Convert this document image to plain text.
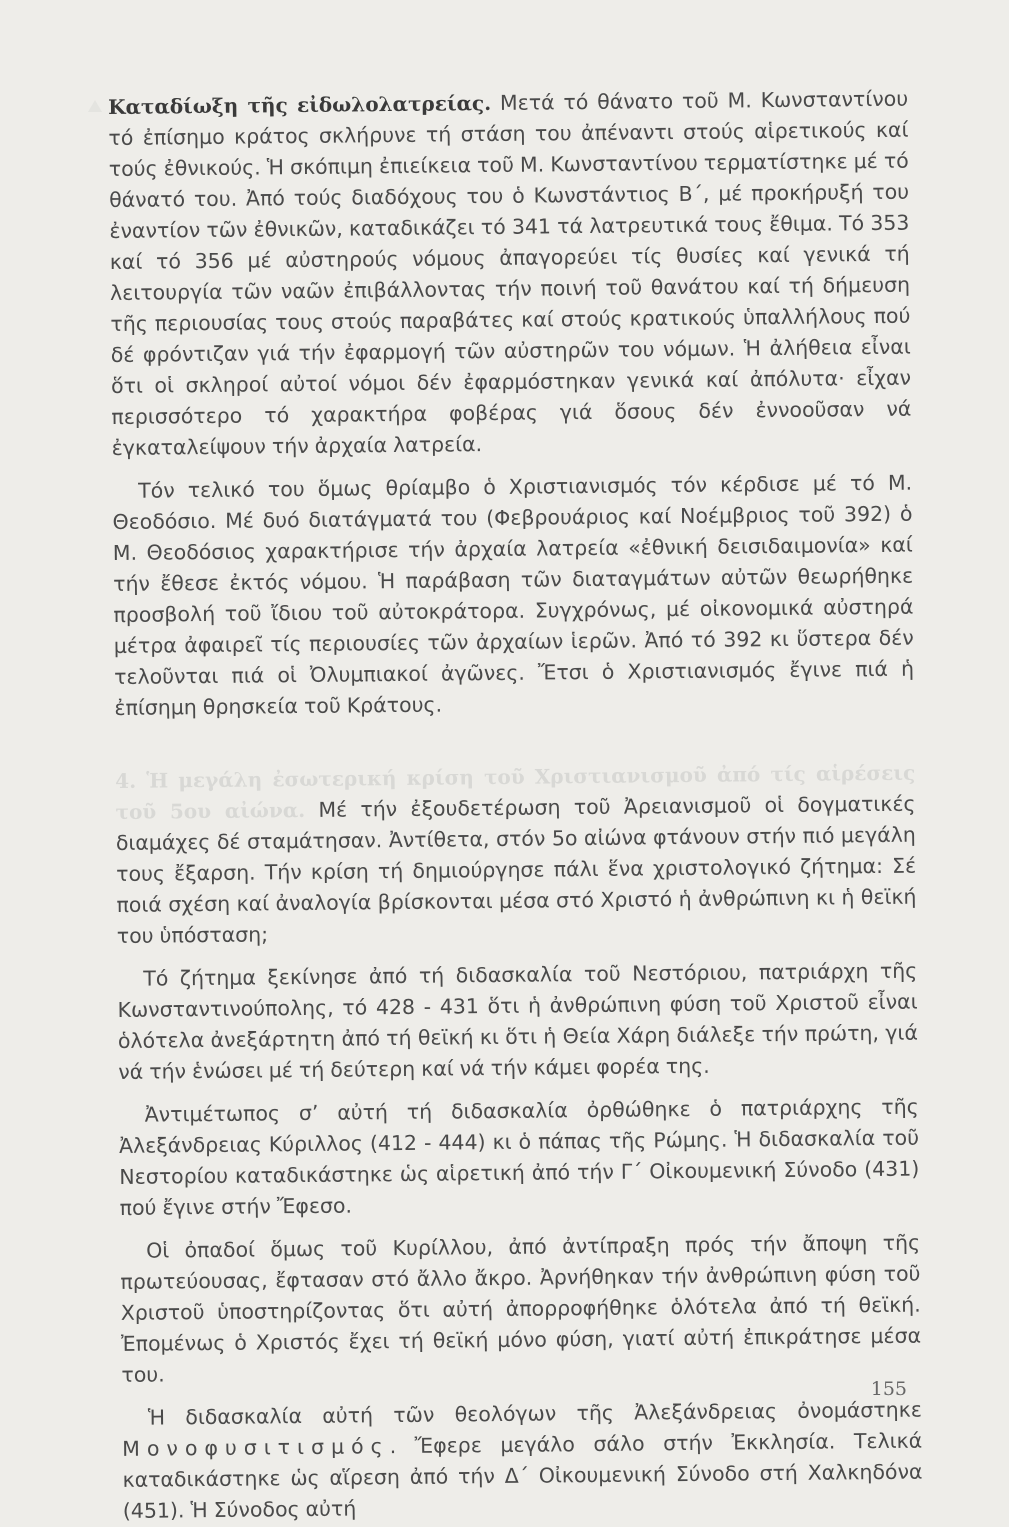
Καταδίωξη τῆς εἰδωλολατρείας. Μετά τό θάνατο τοῦ Μ. Κωνσταντίνου τό ἐπίσημο κράτος σκλήρυνε τή στάση του ἀπέναντι στούς αἱρετικούς καί τούς ἐθνικούς. Ἡ σκόπιμη ἐπιείκεια τοῦ Μ. Κωνσταντίνου τερματίστηκε μέ τό θάνατό του. Ἀπό τούς διαδόχους του ὁ Κωνστάντιος Β΄, μέ προκήρυξή του ἐναντίον τῶν ἐθνικῶν, καταδικάζει τό 341 τά λατρευτικά τους ἔθιμα. Τό 353 καί τό 356 μέ αὐστηρούς νόμους ἀπαγορεύει τίς θυσίες καί γενικά τή λειτουργία τῶν ναῶν ἐπιβάλλοντας τήν ποινή τοῦ θανάτου καί τή δήμευση τῆς περιουσίας τους στούς παραβάτες καί στούς κρατικούς ὑπαλλήλους πού δέ φρόντιζαν γιά τήν ἐφαρμογή τῶν αὐστηρῶν του νόμων. Ἡ ἀλήθεια εἶναι ὅτι οἱ σκληροί αὐτοί νόμοι δέν ἐφαρμόστηκαν γενικά καί ἀπόλυτα· εἶχαν περισσότερο τό χαρακτήρα φοβέρας γιά ὅσους δέν ἐννοοῦσαν νά ἐγκαταλείψουν τήν ἀρχαία λατρεία.

Τόν τελικό του ὅμως θρίαμβο ὁ Χριστιανισμός τόν κέρδισε μέ τό Μ. Θεοδόσιο. Μέ δυό διατάγματά του (Φεβρουάριος καί Νοέμβριος τοῦ 392) ὁ Μ. Θεοδόσιος χαρακτήρισε τήν ἀρχαία λατρεία «ἐθνική δεισιδαιμονία» καί τήν ἔθεσε ἐκτός νόμου. Ἡ παράβαση τῶν διαταγμάτων αὐτῶν θεωρήθηκε προσβολή τοῦ ἴδιου τοῦ αὐτοκράτορα. Συγχρόνως, μέ οἰκονομικά αὐστηρά μέτρα ἀφαιρεῖ τίς περιουσίες τῶν ἀρχαίων ἱερῶν. Ἀπό τό 392 κι ὕστερα δέν τελοῦνται πιά οἱ Ὀλυμπιακοί ἀγῶνες. Ἔτσι ὁ Χριστιανισμός ἔγινε πιά ἡ ἐπίσημη θρησκεία τοῦ Κράτους.

4. Ἡ μεγάλη ἐσωτερική κρίση τοῦ Χριστιανισμοῦ ἀπό τίς αἱρέσεις τοῦ 5ου αἰώνα. Μέ τήν ἐξουδετέρωση τοῦ Ἀρειανισμοῦ οἱ δογματικές διαμάχες δέ σταμάτησαν. Ἀντίθετα, στόν 5ο αἰώνα φτάνουν στήν πιό μεγάλη τους ἔξαρση. Τήν κρίση τή δημιούργησε πάλι ἕνα χριστολογικό ζήτημα: Σέ ποιά σχέση καί ἀναλογία βρίσκονται μέσα στό Χριστό ἡ ἀνθρώπινη κι ἡ θεϊκή του ὑπόσταση;

Τό ζήτημα ξεκίνησε ἀπό τή διδασκαλία τοῦ Νεστόριου, πατριάρχη τῆς Κωνσταντινούπολης, τό 428 - 431 ὅτι ἡ ἀνθρώπινη φύση τοῦ Χριστοῦ εἶναι ὁλότελα ἀνεξάρτητη ἀπό τή θεϊκή κι ὅτι ἡ Θεία Χάρη διάλεξε τήν πρώτη, γιά νά τήν ἑνώσει μέ τή δεύτερη καί νά τήν κάμει φορέα της.

Ἀντιμέτωπος σ’ αὐτή τή διδασκαλία ὀρθώθηκε ὁ πατριάρχης τῆς Ἀλεξάνδρειας Κύριλλος (412 - 444) κι ὁ πάπας τῆς Ρώμης. Ἡ διδασκαλία τοῦ Νεστορίου καταδικάστηκε ὡς αἱρετική ἀπό τήν Γ΄ Οἰκουμενική Σύνοδο (431) πού ἔγινε στήν Ἔφεσο.

Οἱ ὀπαδοί ὅμως τοῦ Κυρίλλου, ἀπό ἀντίπραξη πρός τήν ἄποψη τῆς πρωτεύουσας, ἔφτασαν στό ἄλλο ἄκρο. Ἀρνήθηκαν τήν ἀνθρώπινη φύση τοῦ Χριστοῦ ὑποστηρίζοντας ὅτι αὐτή ἀπορροφήθηκε ὁλότελα ἀπό τή θεϊκή. Ἐπομένως ὁ Χριστός ἔχει τή θεϊκή μόνο φύση, γιατί αὐτή ἐπικράτησε μέσα του.

Ἡ διδασκαλία αὐτή τῶν θεολόγων τῆς Ἀλεξάνδρειας ὀνομάστηκε Μονοφυσιτισμός. Ἔφερε μεγάλο σάλο στήν Ἐκκλησία. Τελικά καταδικάστηκε ὡς αἵρεση ἀπό τήν Δ΄ Οἰκουμενική Σύνοδο στή Χαλκηδόνα (451). Ἡ Σύνοδος αὐτή

155
